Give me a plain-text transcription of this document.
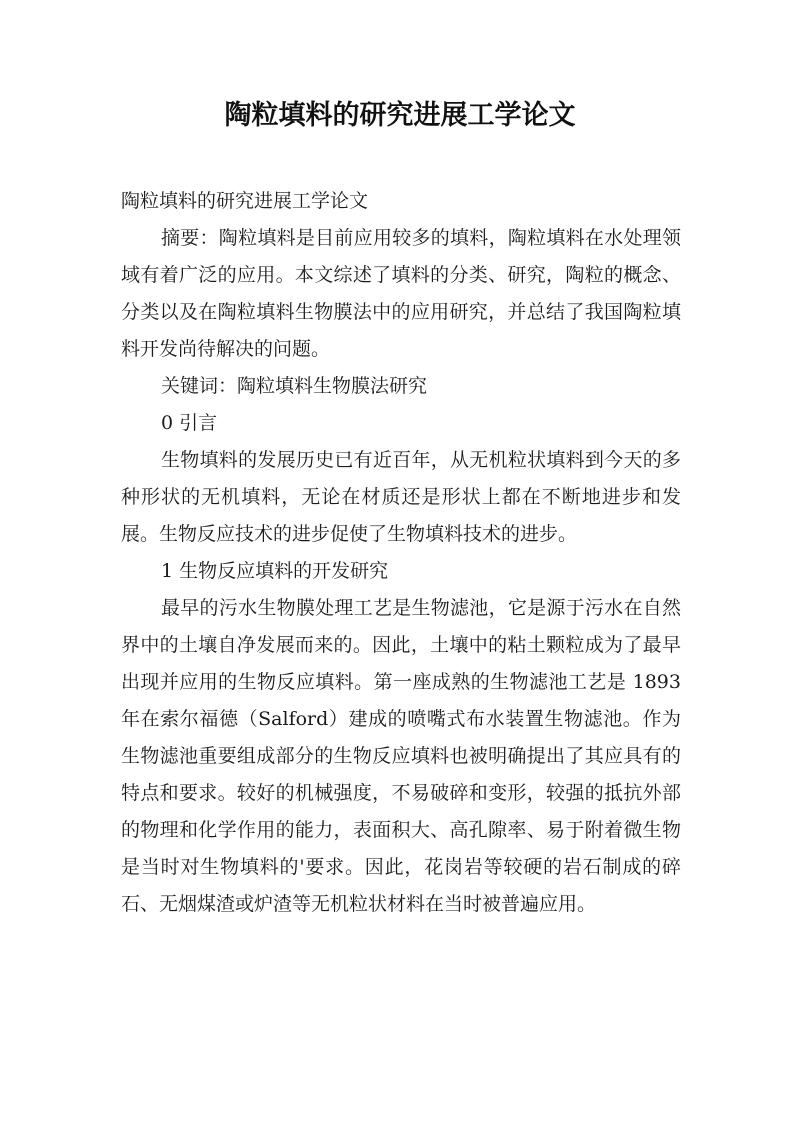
陶粒填料的研究进展工学论文

陶粒填料的研究进展工学论文

摘要：陶粒填料是目前应用较多的填料，陶粒填料在水处理领域有着广泛的应用。本文综述了填料的分类、研究，陶粒的概念、分类以及在陶粒填料生物膜法中的应用研究，并总结了我国陶粒填料开发尚待解决的问题。

关键词：陶粒填料生物膜法研究

0 引言

生物填料的发展历史已有近百年，从无机粒状填料到今天的多种形状的无机填料，无论在材质还是形状上都在不断地进步和发展。生物反应技术的进步促使了生物填料技术的进步。

1 生物反应填料的开发研究

最早的污水生物膜处理工艺是生物滤池，它是源于污水在自然界中的土壤自净发展而来的。因此，土壤中的粘土颗粒成为了最早出现并应用的生物反应填料。第一座成熟的生物滤池工艺是 1893 年在索尔福德（Salford）建成的喷嘴式布水装置生物滤池。作为生物滤池重要组成部分的生物反应填料也被明确提出了其应具有的特点和要求。较好的机械强度，不易破碎和变形，较强的抵抗外部的物理和化学作用的能力，表面积大、高孔隙率、易于附着微生物是当时对生物填料的'要求。因此，花岗岩等较硬的岩石制成的碎石、无烟煤渣或炉渣等无机粒状材料在当时被普遍应用。
